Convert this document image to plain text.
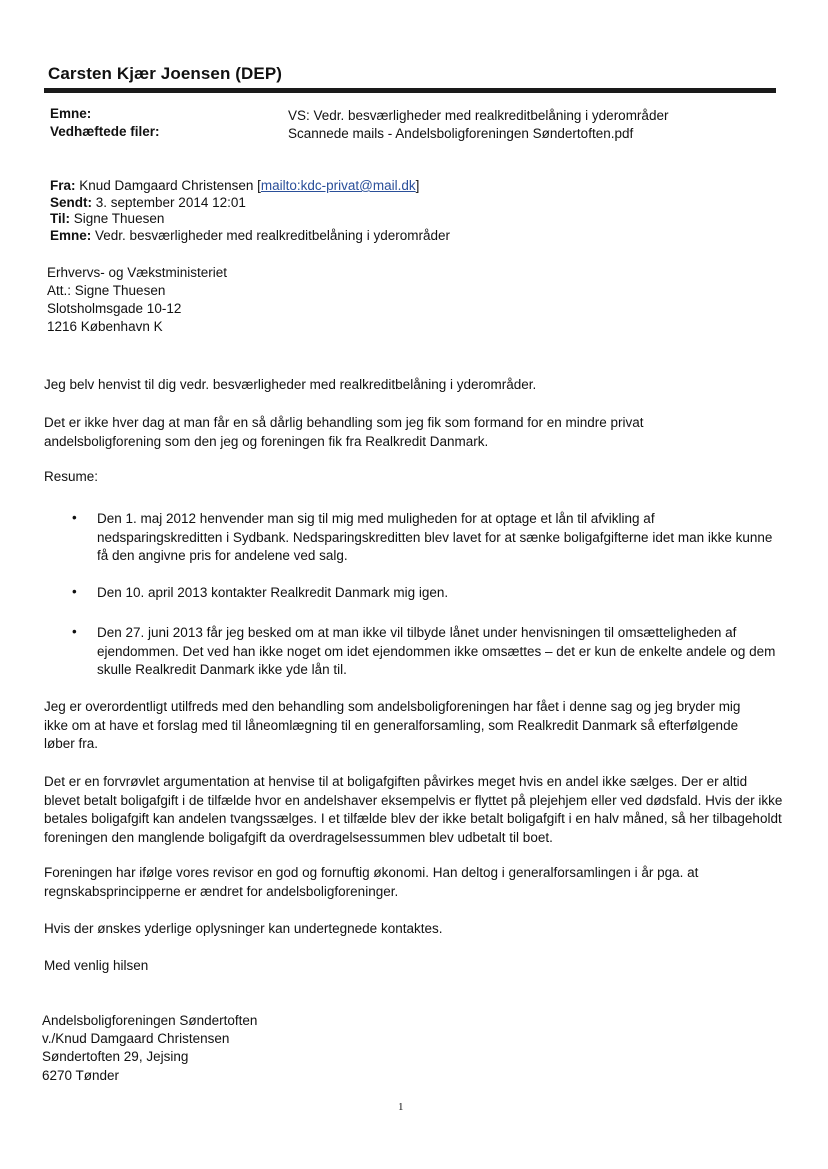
Carsten Kjær Joensen (DEP)
Emne:	VS: Vedr. besværligheder med realkreditbelåning i yderområder
Vedhæftede filer:	Scannede mails - Andelsboligforeningen Søndertoften.pdf
Fra: Knud Damgaard Christensen [mailto:kdc-privat@mail.dk]
Sendt: 3. september 2014 12:01
Til: Signe Thuesen
Emne: Vedr. besværligheder med realkreditbelåning i yderområder
Erhvervs- og Vækstministeriet
Att.: Signe Thuesen
Slotsholmsgade 10-12
1216 København K
Jeg belv henvist til dig vedr. besværligheder med realkreditbelåning i yderområder.
Det er ikke hver dag at man får en så dårlig behandling som jeg fik som formand for en mindre privat andelsboligforening som den jeg og foreningen fik fra Realkredit Danmark.
Resume:
• Den 1. maj 2012 henvender man sig til mig med muligheden for at optage et lån til afvikling af nedsparingskreditten i Sydbank. Nedsparingskreditten blev lavet for at sænke boligafgifterne idet man ikke kunne få den angivne pris for andelene ved salg.
• Den 10. april 2013 kontakter Realkredit Danmark mig igen.
• Den 27. juni 2013 får jeg besked om at man ikke vil tilbyde lånet under henvisningen til omsætteligheden af ejendommen. Det ved han ikke noget om idet ejendommen ikke omsættes – det er kun de enkelte andele og dem skulle Realkredit Danmark ikke yde lån til.
Jeg er overordentligt utilfreds med den behandling som andelsboligforeningen har fået i denne sag og jeg bryder mig ikke om at have et forslag med til låneomlægning til en generalforsamling, som Realkredit Danmark så efterfølgende løber fra.
Det er en forvrøvlet argumentation at henvise til at boligafgiften påvirkes meget hvis en andel ikke sælges. Der er altid blevet betalt boligafgift i de tilfælde hvor en andelshaver eksempelvis er flyttet på plejehjem eller ved dødsfald. Hvis der ikke betales boligafgift kan andelen tvangssælges. I et tilfælde blev der ikke betalt boligafgift i en halv måned, så her tilbageholdt foreningen den manglende boligafgift da overdragelsessummen blev udbetalt til boet.
Foreningen har ifølge vores revisor en god og fornuftig økonomi. Han deltog i generalforsamlingen i år pga. at regnskabsprincipperne er ændret for andelsboligforeninger.
Hvis der ønskes yderlige oplysninger kan undertegnede kontaktes.
Med venlig hilsen
Andelsboligforeningen Søndertoften
v./Knud Damgaard Christensen
Søndertoften 29, Jejsing
6270 Tønder
1
